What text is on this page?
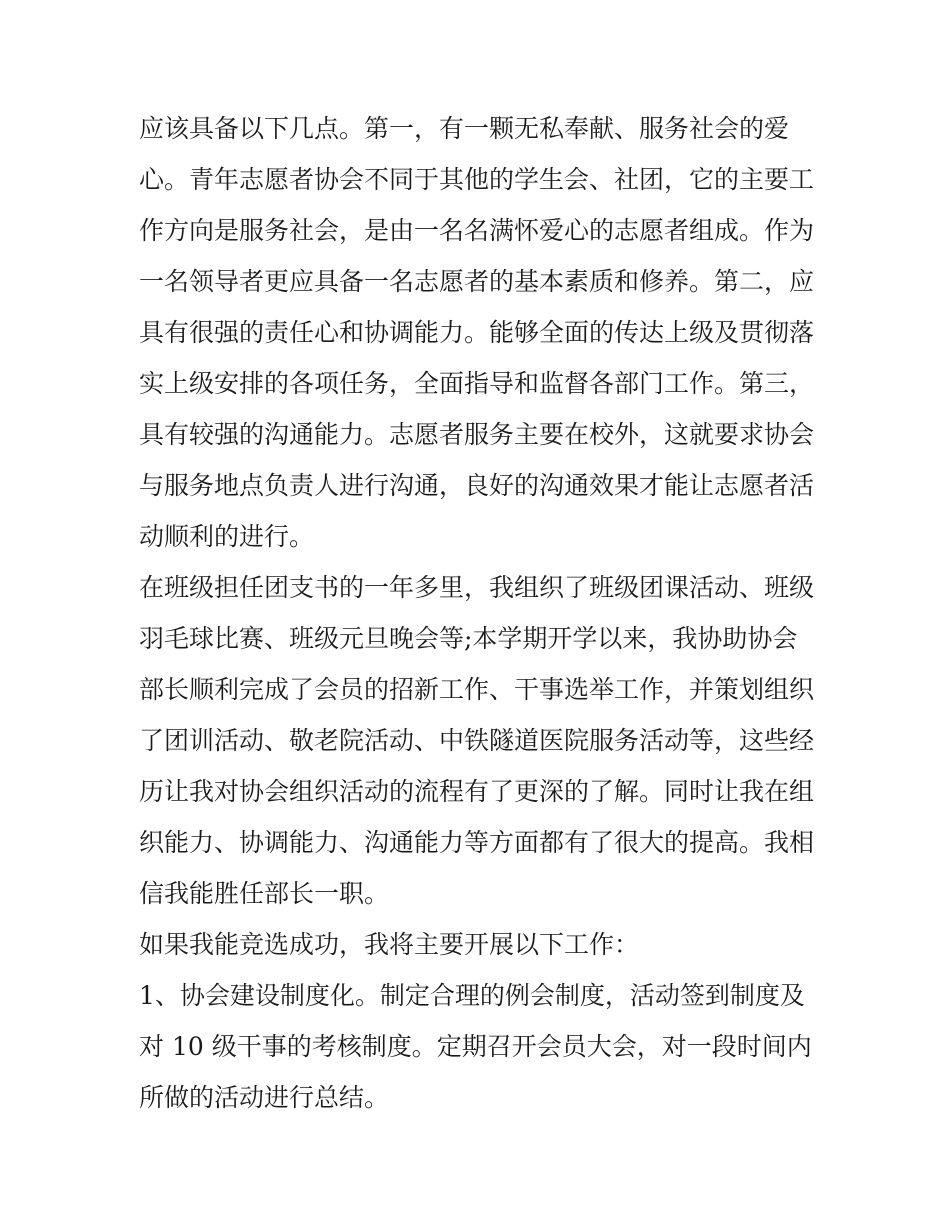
应该具备以下几点。第一，有一颗无私奉献、服务社会的爱
心。青年志愿者协会不同于其他的学生会、社团，它的主要工
作方向是服务社会，是由一名名满怀爱心的志愿者组成。作为
一名领导者更应具备一名志愿者的基本素质和修养。第二，应
具有很强的责任心和协调能力。能够全面的传达上级及贯彻落
实上级安排的各项任务，全面指导和监督各部门工作。第三，
具有较强的沟通能力。志愿者服务主要在校外，这就要求协会
与服务地点负责人进行沟通，良好的沟通效果才能让志愿者活
动顺利的进行。
在班级担任团支书的一年多里，我组织了班级团课活动、班级
羽毛球比赛、班级元旦晚会等;本学期开学以来，我协助协会
部长顺利完成了会员的招新工作、干事选举工作，并策划组织
了团训活动、敬老院活动、中铁隧道医院服务活动等，这些经
历让我对协会组织活动的流程有了更深的了解。同时让我在组
织能力、协调能力、沟通能力等方面都有了很大的提高。我相
信我能胜任部长一职。
如果我能竞选成功，我将主要开展以下工作：
1、协会建设制度化。制定合理的例会制度，活动签到制度及
对 10 级干事的考核制度。定期召开会员大会，对一段时间内
所做的活动进行总结。
